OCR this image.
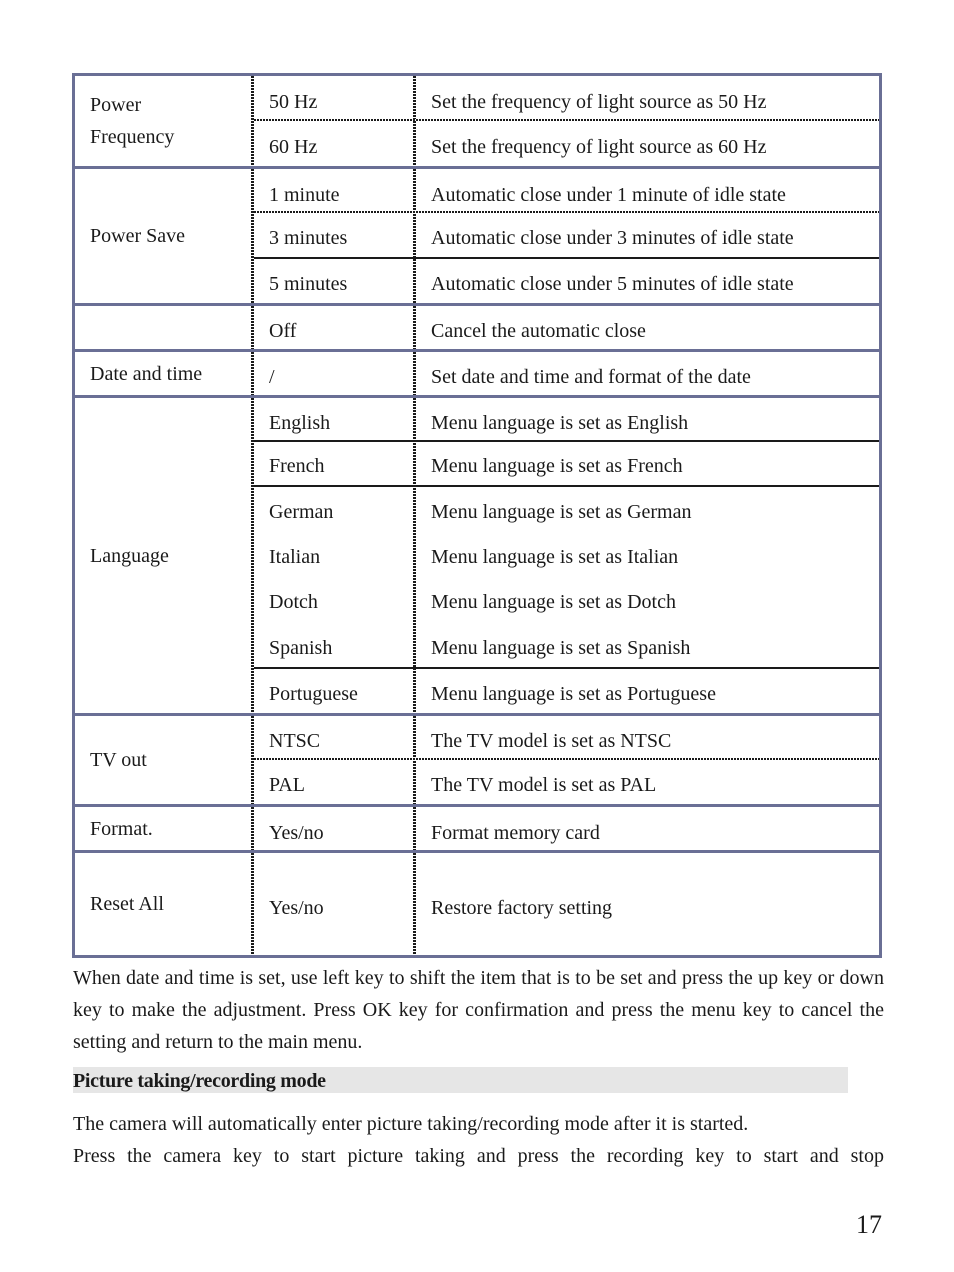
Power
Frequency
50 Hz	Set the frequency of light source as 50 Hz
60 Hz	Set the frequency of light source as 60 Hz
Power Save
1 minute	Automatic close under 1 minute of idle state
3 minutes	Automatic close under 3 minutes of idle state
5 minutes	Automatic close under 5 minutes of idle state
Off	Cancel the automatic close
Date and time	/	Set date and time and format of the date
Language
English	Menu language is set as English
French	Menu language is set as French
German	Menu language is set as German
Italian	Menu language is set as Italian
Dotch	Menu language is set as Dotch
Spanish	Menu language is set as Spanish
Portuguese	Menu language is set as Portuguese
TV out
NTSC	The TV model is set as NTSC
PAL	The TV model is set as PAL
Format.	Yes/no	Format memory card
Reset All	Yes/no	Restore factory setting

When date and time is set, use left key to shift the item that is to be set and press the up key or down key to make the adjustment. Press OK key for confirmation and press the menu key to cancel the setting and return to the main menu.

Picture taking/recording mode

The camera will automatically enter picture taking/recording mode after it is started.

Press the camera key to start picture taking and press the recording key to start and stop

17
